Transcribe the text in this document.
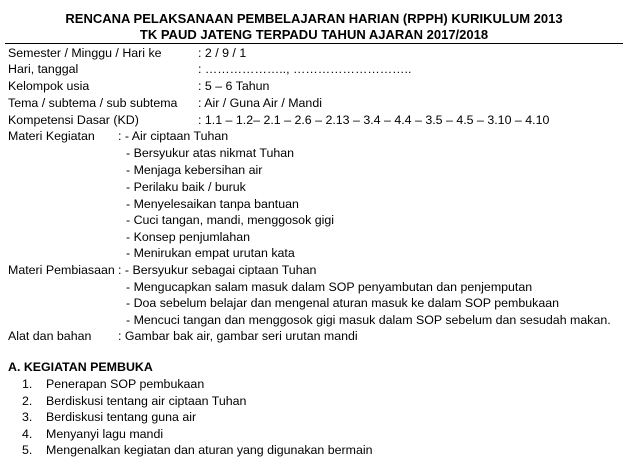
RENCANA PELAKSANAAN PEMBELAJARAN HARIAN (RPPH) KURIKULUM 2013
TK PAUD JATENG TERPADU TAHUN AJARAN 2017/2018
Semester / Minggu / Hari ke	: 2 / 9 / 1
Hari, tanggal	: ……………….., ………………………..
Kelompok usia	: 5 – 6 Tahun
Tema / subtema / sub subtema : Air / Guna Air / Mandi
Kompetensi Dasar (KD)	: 1.1 – 1.2– 2.1 – 2.6 – 2.13 – 3.4 – 4.4 – 3.5 – 4.5 – 3.10 – 4.10
Materi Kegiatan : - Air ciptaan Tuhan
- Bersyukur atas nikmat Tuhan
- Menjaga kebersihan air
- Perilaku baik / buruk
- Menyelesaikan tanpa bantuan
- Cuci tangan, mandi, menggosok gigi
- Konsep penjumlahan
- Menirukan empat urutan kata
Materi Pembiasaan : - Bersyukur sebagai ciptaan Tuhan
- Mengucapkan salam masuk dalam SOP penyambutan dan penjemputan
- Doa sebelum belajar dan mengenal aturan masuk ke dalam SOP pembukaan
- Mencuci tangan dan menggosok gigi masuk dalam SOP sebelum dan sesudah makan.
Alat dan bahan : Gambar bak air, gambar seri urutan mandi
A. KEGIATAN PEMBUKA
1. Penerapan SOP pembukaan
2. Berdiskusi tentang air ciptaan Tuhan
3. Berdiskusi tentang guna air
4. Menyanyi lagu mandi
5. Mengenalkan kegiatan dan aturan yang digunakan bermain
